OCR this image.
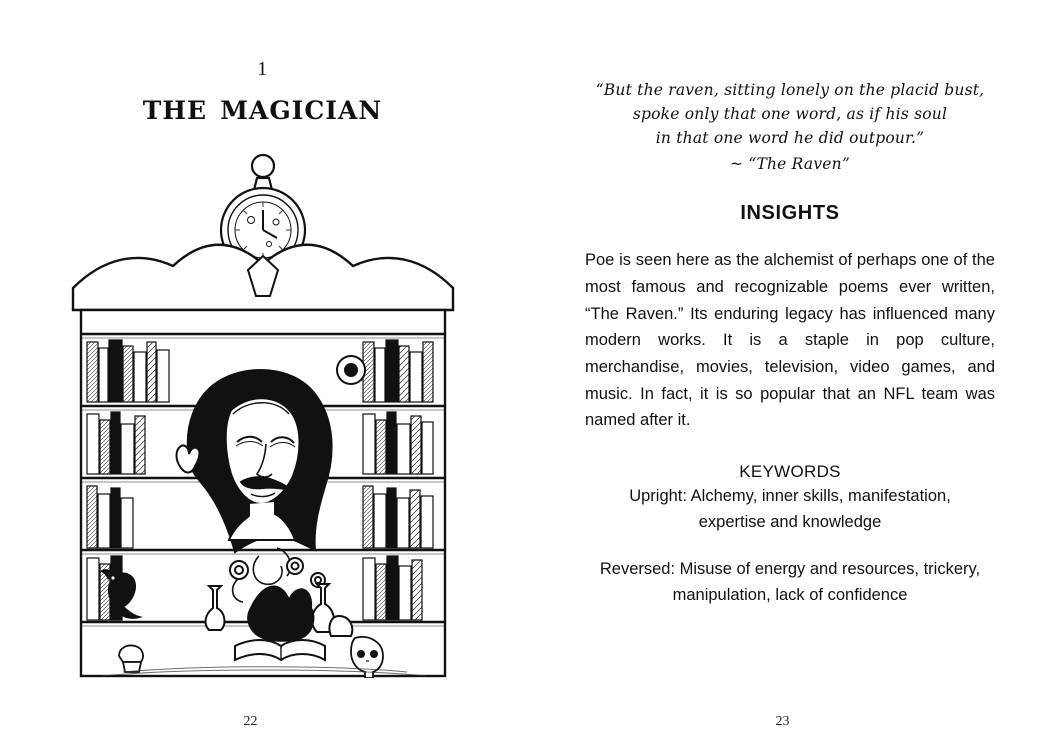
1
the magician
22
“But the raven, sitting lonely on the placid bust,
spoke only that one word, as if his soul
in that one word he did outpour.”
~ “The Raven”
INSIGHTS

Poe is seen here as the alchemist of perhaps one of the most famous and recognizable poems ever written, “The Raven.” Its enduring legacy has influenced many modern works. It is a staple in pop culture, merchandise, movies, television, video games, and music. In fact, it is so popular that an NFL team was named after it.

KEYWORDS
Upright: Alchemy, inner skills, manifestation,
expertise and knowledge
Reversed: Misuse of energy and resources, trickery,
manipulation, lack of confidence
23
